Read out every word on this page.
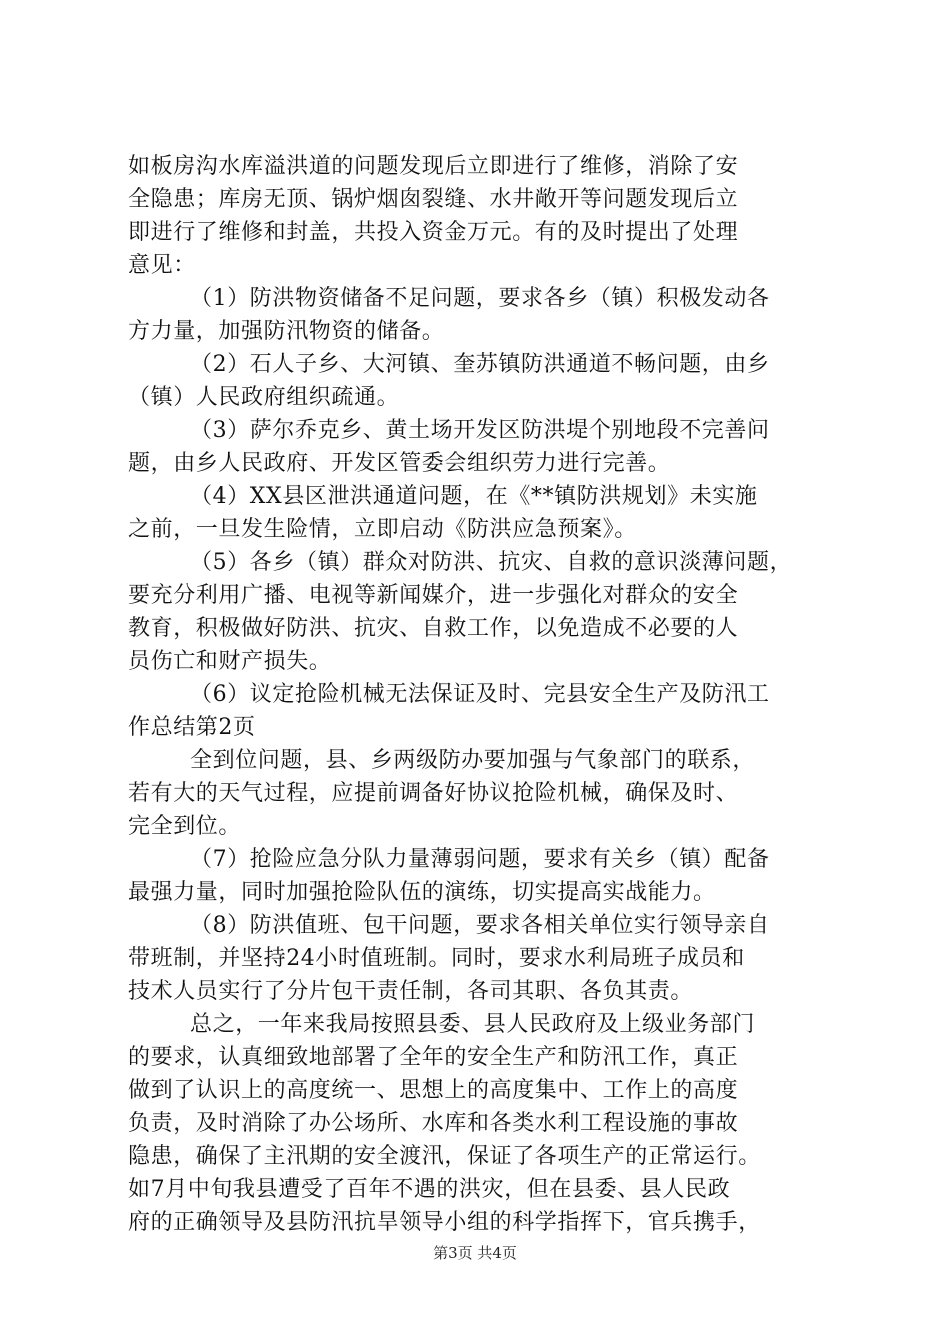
如板房沟水库溢洪道的问题发现后立即进行了维修，消除了安
全隐患；库房无顶、锅炉烟囱裂缝、水井敞开等问题发现后立
即进行了维修和封盖，共投入资金万元。有的及时提出了处理
意见：
（1）防洪物资储备不足问题，要求各乡（镇）积极发动各
方力量，加强防汛物资的储备。
（2）石人子乡、大河镇、奎苏镇防洪通道不畅问题，由乡
（镇）人民政府组织疏通。
（3）萨尔乔克乡、黄土场开发区防洪堤个别地段不完善问
题，由乡人民政府、开发区管委会组织劳力进行完善。
（4）XX县区泄洪通道问题，在《**镇防洪规划》未实施
之前，一旦发生险情，立即启动《防洪应急预案》。
（5）各乡（镇）群众对防洪、抗灾、自救的意识淡薄问题，
要充分利用广播、电视等新闻媒介，进一步强化对群众的安全
教育，积极做好防洪、抗灾、自救工作，以免造成不必要的人
员伤亡和财产损失。
（6）议定抢险机械无法保证及时、完县安全生产及防汛工
作总结第2页
全到位问题，县、乡两级防办要加强与气象部门的联系，
若有大的天气过程，应提前调备好协议抢险机械，确保及时、
完全到位。
（7）抢险应急分队力量薄弱问题，要求有关乡（镇）配备
最强力量，同时加强抢险队伍的演练，切实提高实战能力。
（8）防洪值班、包干问题，要求各相关单位实行领导亲自
带班制，并坚持24小时值班制。同时，要求水利局班子成员和
技术人员实行了分片包干责任制，各司其职、各负其责。
总之，一年来我局按照县委、县人民政府及上级业务部门
的要求，认真细致地部署了全年的安全生产和防汛工作，真正
做到了认识上的高度统一、思想上的高度集中、工作上的高度
负责，及时消除了办公场所、水库和各类水利工程设施的事故
隐患，确保了主汛期的安全渡汛，保证了各项生产的正常运行。
如7月中旬我县遭受了百年不遇的洪灾，但在县委、县人民政
府的正确领导及县防汛抗旱领导小组的科学指挥下，官兵携手，
第3页 共4页
